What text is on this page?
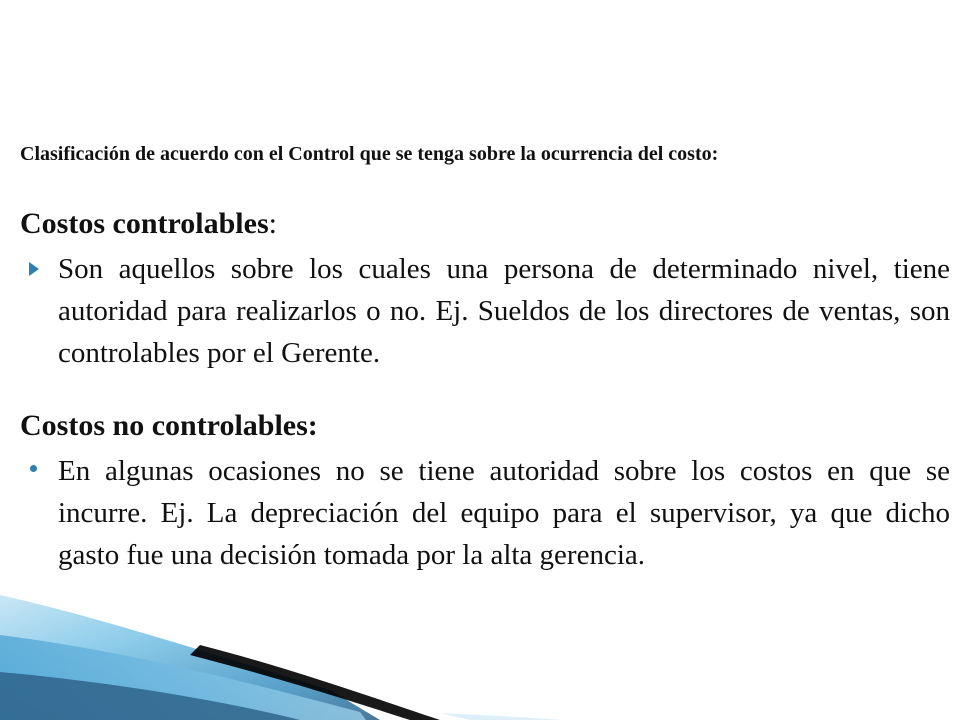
Clasificación de acuerdo con el Control que se tenga sobre la ocurrencia del costo:

Costos controlables:

Son aquellos sobre los cuales una persona de determinado nivel, tiene autoridad para realizarlos o no. Ej. Sueldos de los directores de ventas, son controlables por el Gerente.

Costos no controlables:

En algunas ocasiones no se tiene autoridad sobre los costos en que se incurre. Ej. La depreciación del equipo para el supervisor, ya que dicho gasto fue una decisión tomada por la alta gerencia.
